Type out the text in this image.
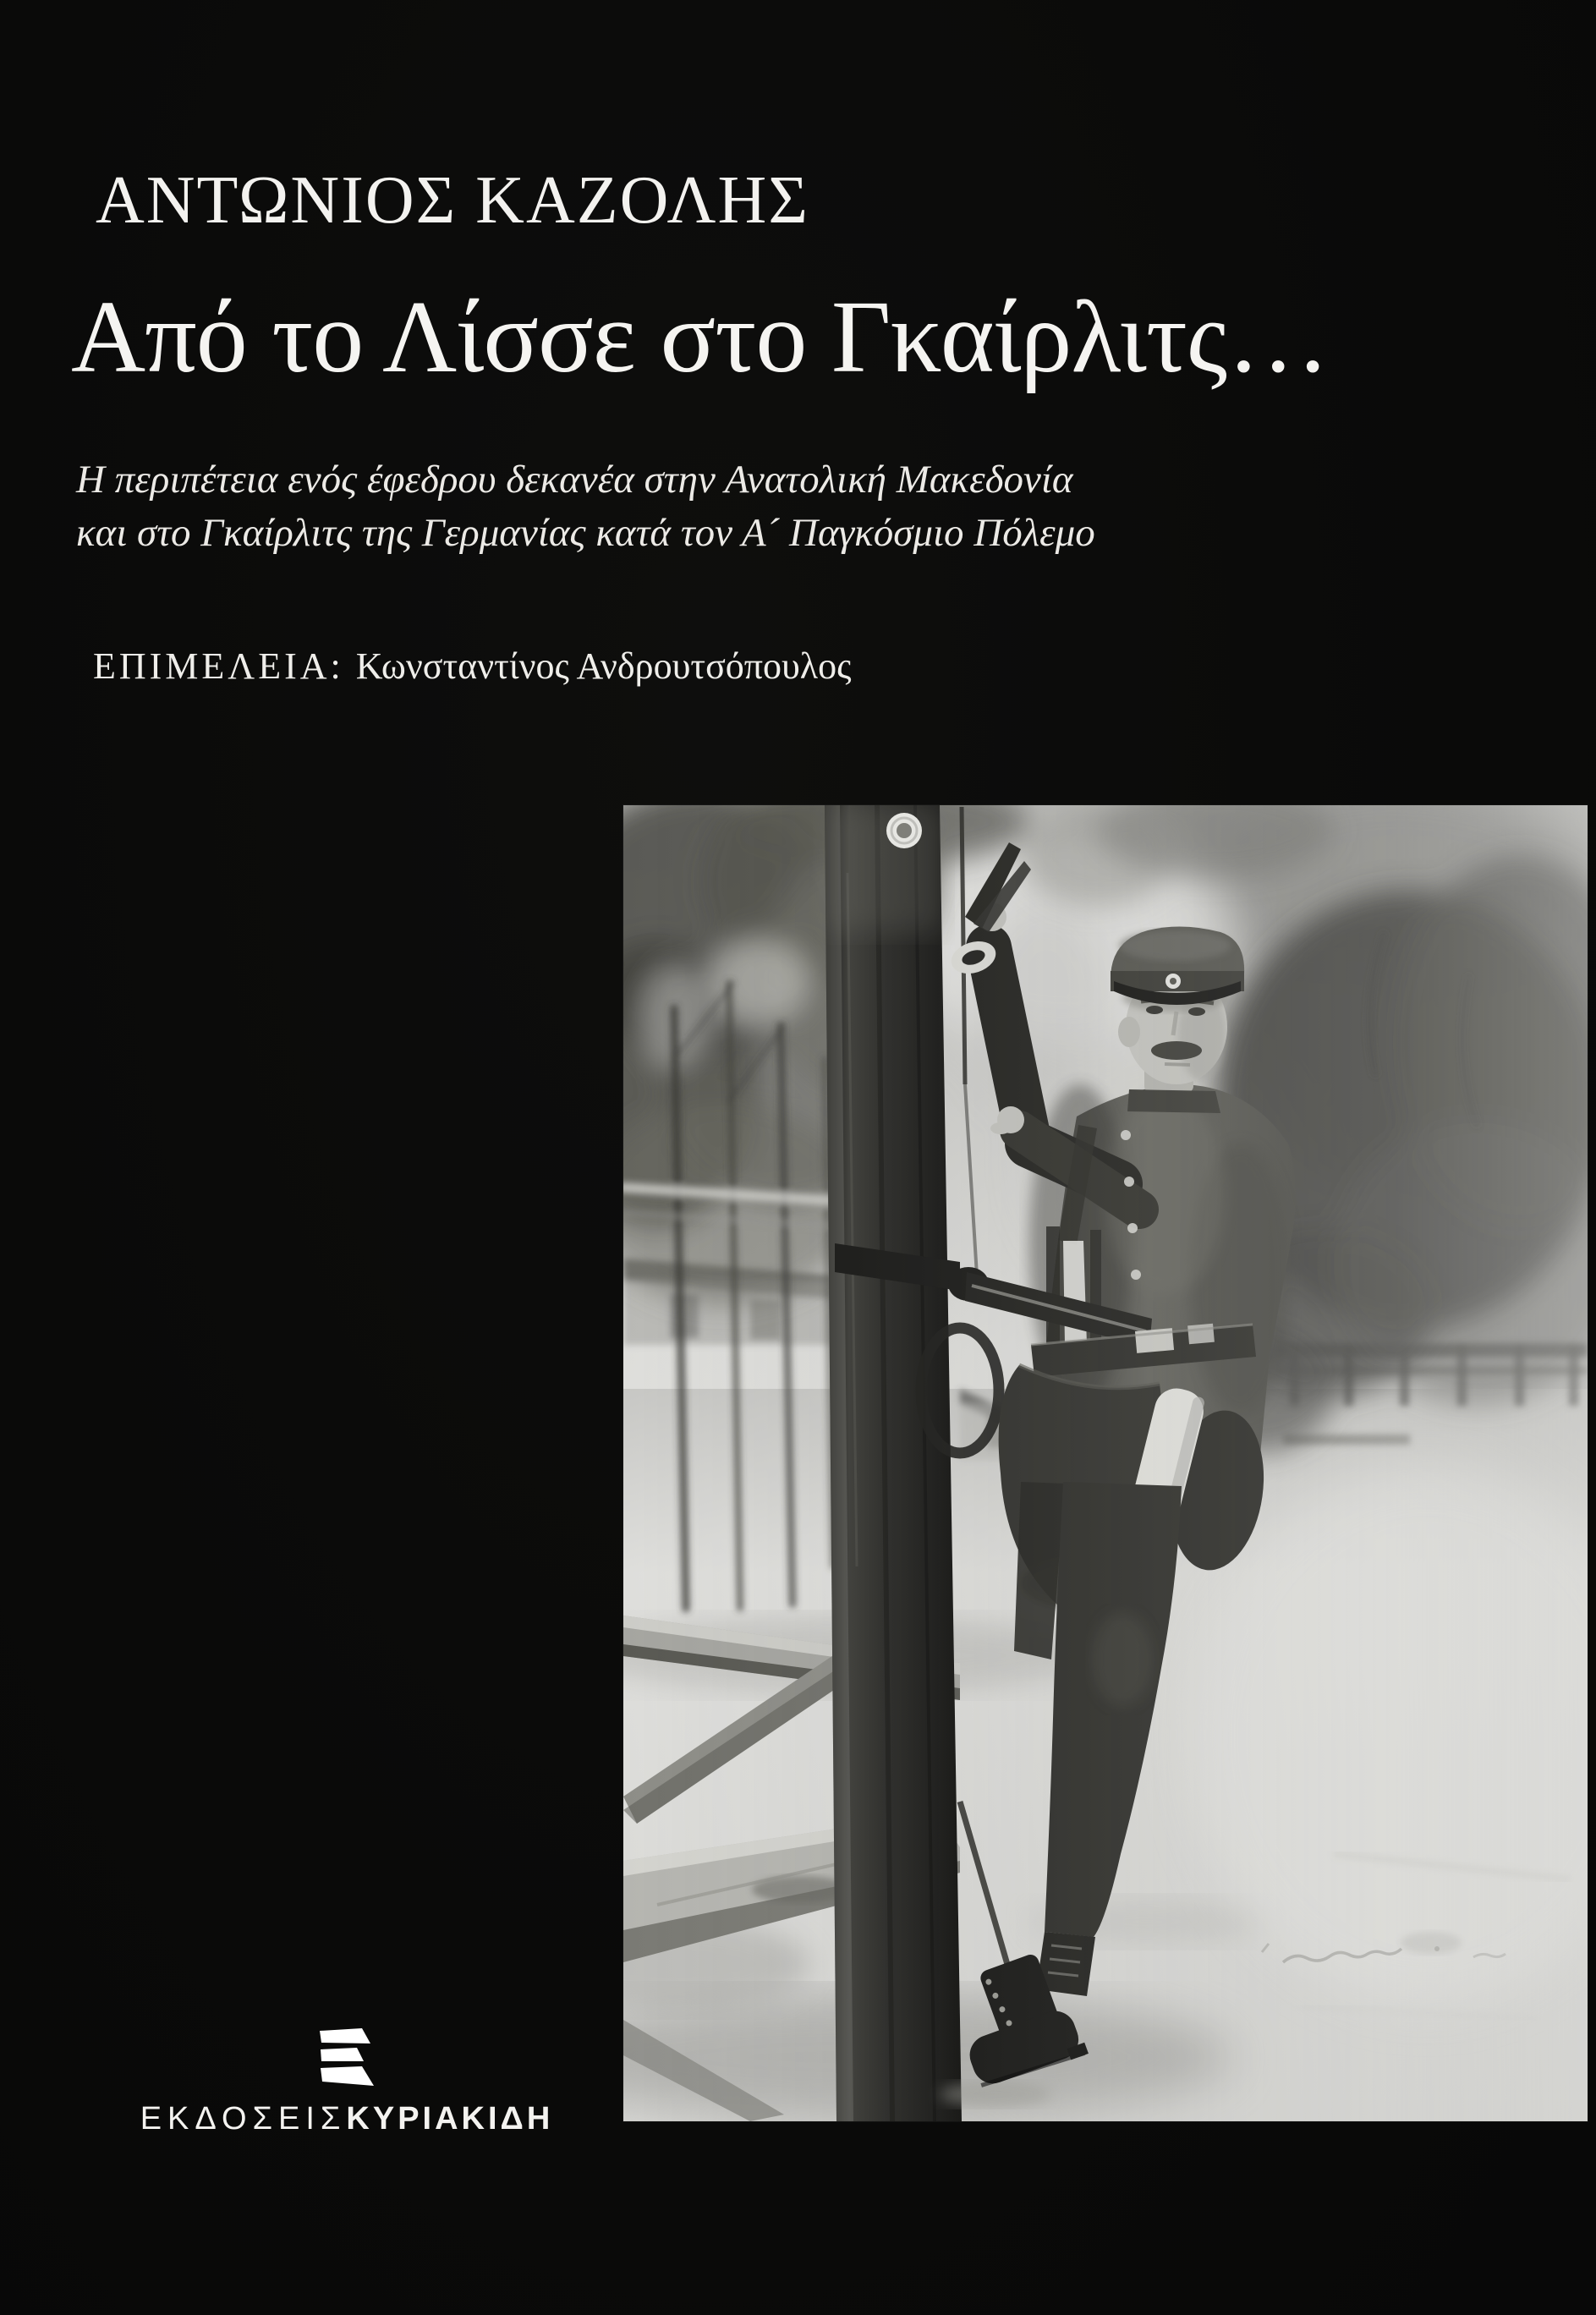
ΑΝΤΩΝΙΟΣ ΚΑΖΟΛΗΣ
Από το Λίσσε στο Γκαίρλιτς…
Η περιπέτεια ενός έφεδρου δεκανέα στην Ανατολική Μακεδονία
και στο Γκαίρλιτς της Γερμανίας κατά τον Α´ Παγκόσμιο Πόλεμο
ΕΠΙΜΕΛΕΙΑ: Κωνσταντίνος Ανδρουτσόπουλος
ΕΚΔΟΣΕΙΣΚΥΡΙΑΚΙΔΗ
